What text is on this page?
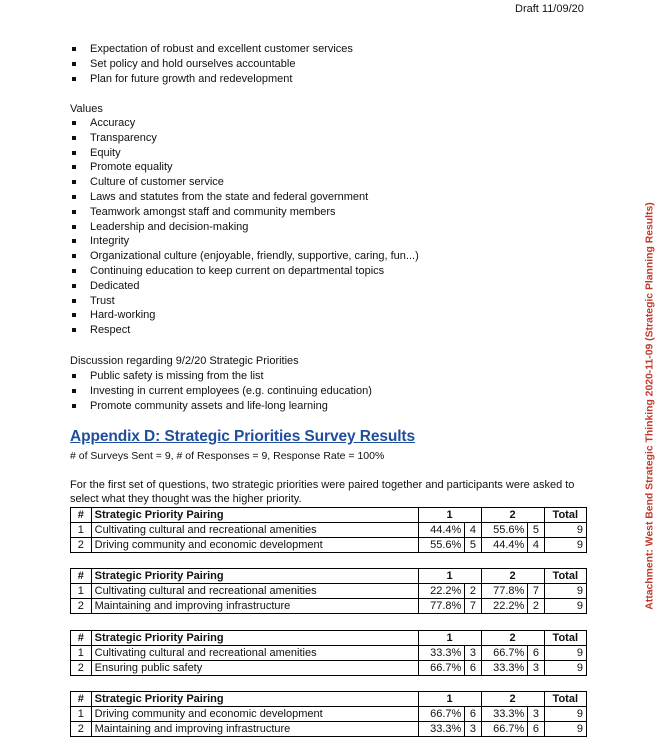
Draft 11/09/20
Attachment: West Bend Strategic Thinking 2020-11-09 (Strategic Planning Results)
Expectation of robust and excellent customer services
Set policy and hold ourselves accountable
Plan for future growth and redevelopment
Values
Accuracy
Transparency
Equity
Promote equality
Culture of customer service
Laws and statutes from the state and federal government
Teamwork amongst staff and community members
Leadership and decision-making
Integrity
Organizational culture (enjoyable, friendly, supportive, caring, fun...)
Continuing education to keep current on departmental topics
Dedicated
Trust
Hard-working
Respect
Discussion regarding 9/2/20 Strategic Priorities
Public safety is missing from the list
Investing in current employees (e.g. continuing education)
Promote community assets and life-long learning
Appendix D: Strategic Priorities Survey Results
# of Surveys Sent = 9, # of Responses = 9, Response Rate = 100%
For the first set of questions, two strategic priorities were paired together and participants were asked to select what they thought was the higher priority.
#	Strategic Priority Pairing	1		2		Total
1	Cultivating cultural and recreational amenities	44.4%	4	55.6%	5	9
2	Driving community and economic development	55.6%	5	44.4%	4	9
#	Strategic Priority Pairing	1		2		Total
1	Cultivating cultural and recreational amenities	22.2%	2	77.8%	7	9
2	Maintaining and improving infrastructure	77.8%	7	22.2%	2	9
#	Strategic Priority Pairing	1		2		Total
1	Cultivating cultural and recreational amenities	33.3%	3	66.7%	6	9
2	Ensuring public safety	66.7%	6	33.3%	3	9
#	Strategic Priority Pairing	1		2		Total
1	Driving community and economic development	66.7%	6	33.3%	3	9
2	Maintaining and improving infrastructure	33.3%	3	66.7%	6	9
